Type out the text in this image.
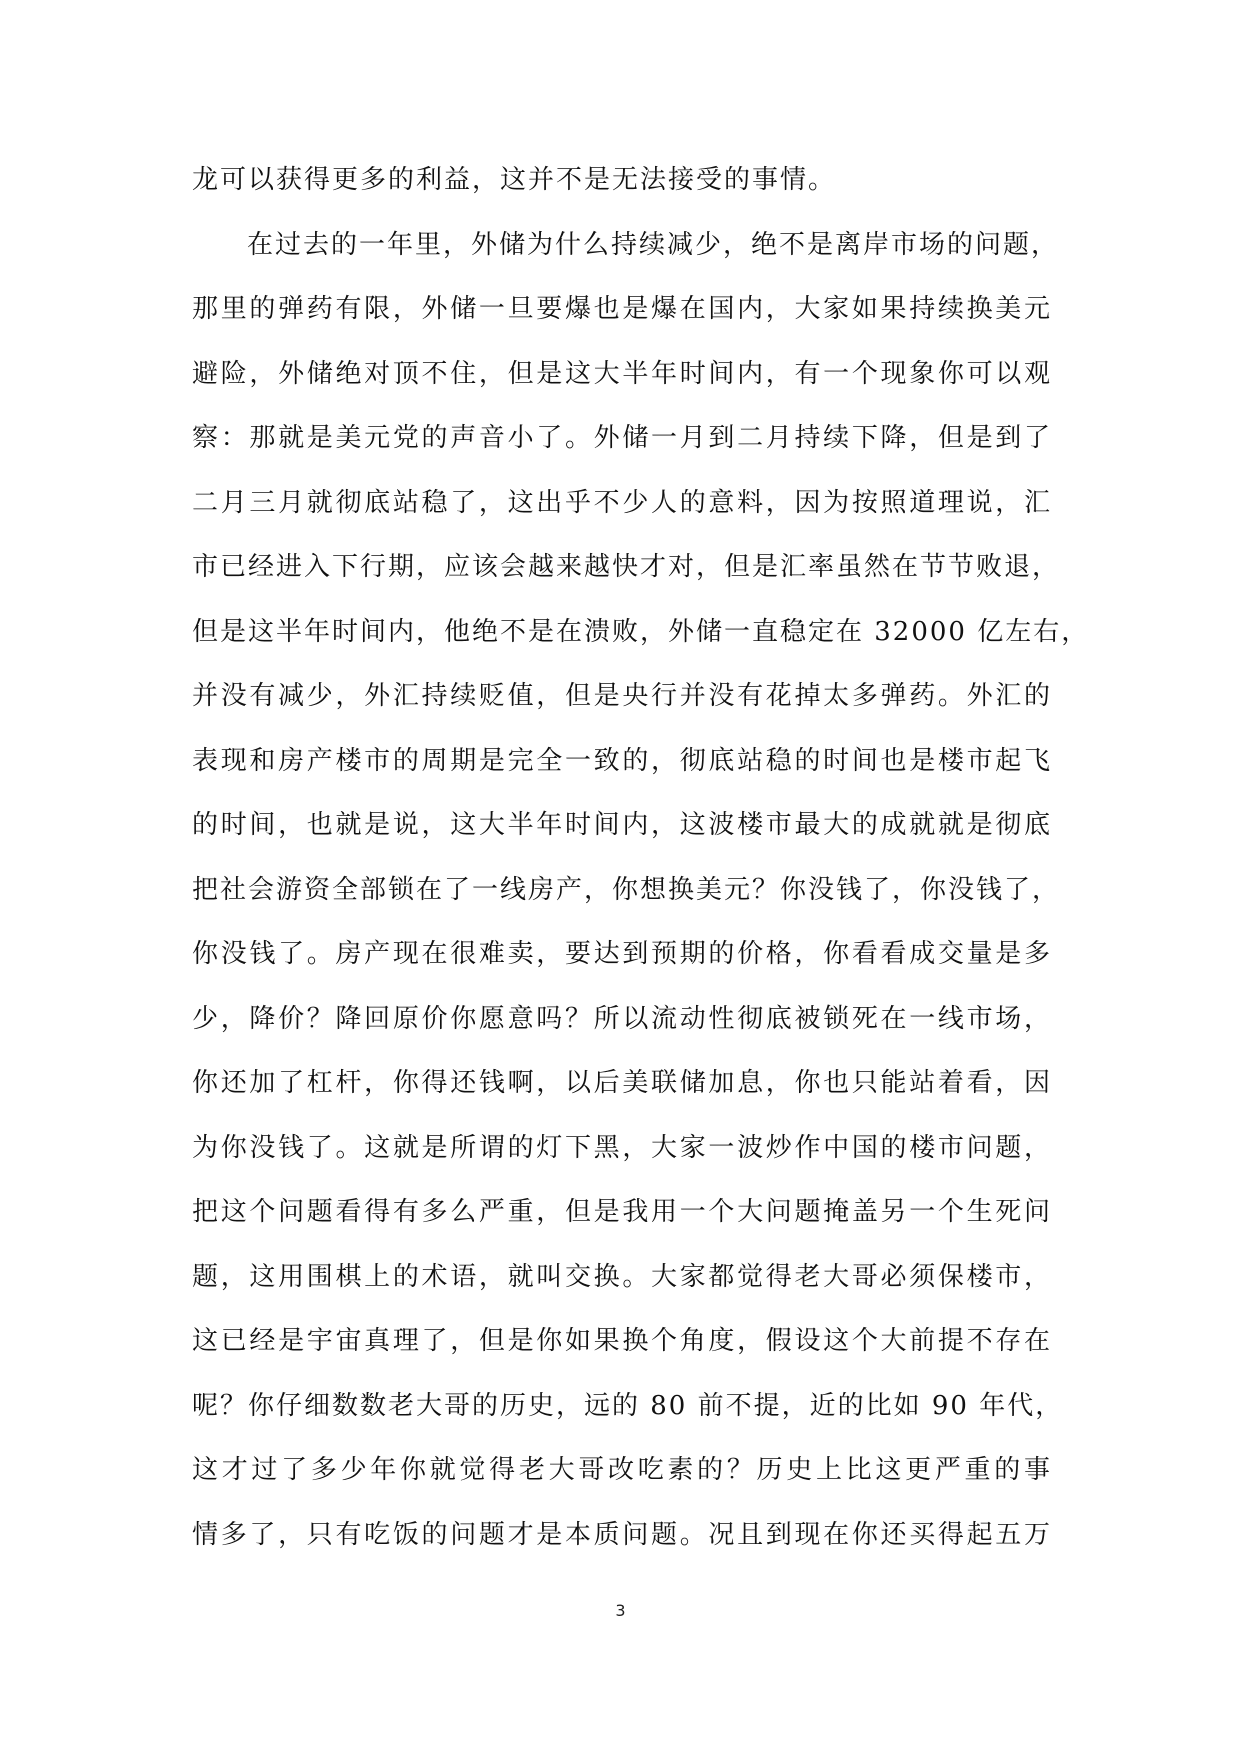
龙可以获得更多的利益，这并不是无法接受的事情。
在过去的一年里，外储为什么持续减少，绝不是离岸市场的问题，
那里的弹药有限，外储一旦要爆也是爆在国内，大家如果持续换美元
避险，外储绝对顶不住，但是这大半年时间内，有一个现象你可以观
察：那就是美元党的声音小了。外储一月到二月持续下降，但是到了
二月三月就彻底站稳了，这出乎不少人的意料，因为按照道理说，汇
市已经进入下行期，应该会越来越快才对，但是汇率虽然在节节败退，
但是这半年时间内，他绝不是在溃败，外储一直稳定在 32000 亿左右，
并没有减少，外汇持续贬值，但是央行并没有花掉太多弹药。外汇的
表现和房产楼市的周期是完全一致的，彻底站稳的时间也是楼市起飞
的时间，也就是说，这大半年时间内，这波楼市最大的成就就是彻底
把社会游资全部锁在了一线房产，你想换美元？你没钱了，你没钱了，
你没钱了。房产现在很难卖，要达到预期的价格，你看看成交量是多
少，降价？降回原价你愿意吗？所以流动性彻底被锁死在一线市场，
你还加了杠杆，你得还钱啊，以后美联储加息，你也只能站着看，因
为你没钱了。这就是所谓的灯下黑，大家一波炒作中国的楼市问题，
把这个问题看得有多么严重，但是我用一个大问题掩盖另一个生死问
题，这用围棋上的术语，就叫交换。大家都觉得老大哥必须保楼市，
这已经是宇宙真理了，但是你如果换个角度，假设这个大前提不存在
呢？你仔细数数老大哥的历史，远的 80 前不提，近的比如 90 年代，
这才过了多少年你就觉得老大哥改吃素的？历史上比这更严重的事
情多了，只有吃饭的问题才是本质问题。况且到现在你还买得起五万
3
